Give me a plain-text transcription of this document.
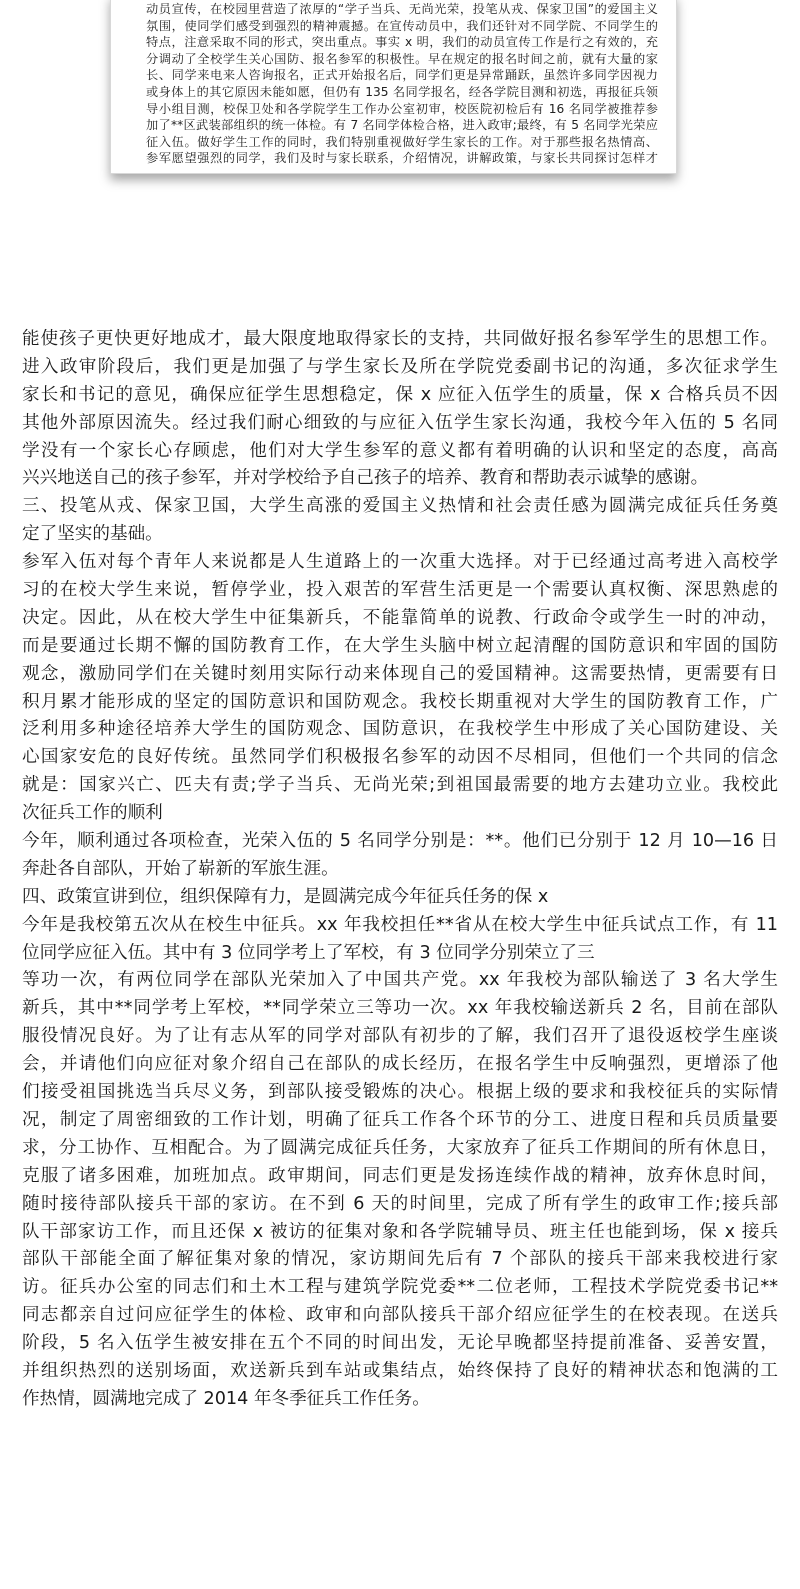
动员宣传，在校园里营造了浓厚的“学子当兵、无尚光荣，投笔从戎、保家卫国”的爱国主义
氛围，使同学们感受到强烈的精神震撼。在宣传动员中，我们还针对不同学院、不同学生的
特点，注意采取不同的形式，突出重点。事实 x 明，我们的动员宣传工作是行之有效的，充
分调动了全校学生关心国防、报名参军的积极性。早在规定的报名时间之前，就有大量的家
长、同学来电来人咨询报名，正式开始报名后，同学们更是异常踊跃，虽然许多同学因视力
或身体上的其它原因未能如愿，但仍有 135 名同学报名，经各学院目测和初选，再报征兵领
导小组目测，校保卫处和各学院学生工作办公室初审，校医院初检后有 16 名同学被推荐参
加了**区武装部组织的统一体检。有 7 名同学体检合格，进入政审;最终，有 5 名同学光荣应
征入伍。做好学生工作的同时，我们特别重视做好学生家长的工作。对于那些报名热情高、
参军愿望强烈的同学，我们及时与家长联系，介绍情况，讲解政策，与家长共同探讨怎样才
能使孩子更快更好地成才，最大限度地取得家长的支持，共同做好报名参军学生的思想工作。
进入政审阶段后，我们更是加强了与学生家长及所在学院党委副书记的沟通，多次征求学生
家长和书记的意见，确保应征学生思想稳定，保 x 应征入伍学生的质量，保 x 合格兵员不因
其他外部原因流失。经过我们耐心细致的与应征入伍学生家长沟通，我校今年入伍的 5 名同
学没有一个家长心存顾虑，他们对大学生参军的意义都有着明确的认识和坚定的态度，高高
兴兴地送自己的孩子参军，并对学校给予自己孩子的培养、教育和帮助表示诚挚的感谢。
三、投笔从戎、保家卫国，大学生高涨的爱国主义热情和社会责任感为圆满完成征兵任务奠
定了坚实的基础。
参军入伍对每个青年人来说都是人生道路上的一次重大选择。对于已经通过高考进入高校学
习的在校大学生来说，暂停学业，投入艰苦的军营生活更是一个需要认真权衡、深思熟虑的
决定。因此，从在校大学生中征集新兵，不能靠简单的说教、行政命令或学生一时的冲动，
而是要通过长期不懈的国防教育工作，在大学生头脑中树立起清醒的国防意识和牢固的国防
观念，激励同学们在关键时刻用实际行动来体现自己的爱国精神。这需要热情，更需要有日
积月累才能形成的坚定的国防意识和国防观念。我校长期重视对大学生的国防教育工作，广
泛利用多种途径培养大学生的国防观念、国防意识，在我校学生中形成了关心国防建设、关
心国家安危的良好传统。虽然同学们积极报名参军的动因不尽相同，但他们一个共同的信念
就是：国家兴亡、匹夫有责;学子当兵、无尚光荣;到祖国最需要的地方去建功立业。我校此
次征兵工作的顺利
今年，顺利通过各项检查，光荣入伍的 5 名同学分别是：**。他们已分别于 12 月 10—16 日
奔赴各自部队，开始了崭新的军旅生涯。
四、政策宣讲到位，组织保障有力，是圆满完成今年征兵任务的保 x
今年是我校第五次从在校生中征兵。xx 年我校担任**省从在校大学生中征兵试点工作，有 11
位同学应征入伍。其中有 3 位同学考上了军校，有 3 位同学分别荣立了三
等功一次，有两位同学在部队光荣加入了中国共产党。xx 年我校为部队输送了 3 名大学生
新兵，其中**同学考上军校，**同学荣立三等功一次。xx 年我校输送新兵 2 名，目前在部队
服役情况良好。为了让有志从军的同学对部队有初步的了解，我们召开了退役返校学生座谈
会，并请他们向应征对象介绍自己在部队的成长经历，在报名学生中反响强烈，更增添了他
们接受祖国挑选当兵尽义务，到部队接受锻炼的决心。根据上级的要求和我校征兵的实际情
况，制定了周密细致的工作计划，明确了征兵工作各个环节的分工、进度日程和兵员质量要
求，分工协作、互相配合。为了圆满完成征兵任务，大家放弃了征兵工作期间的所有休息日，
克服了诸多困难，加班加点。政审期间，同志们更是发扬连续作战的精神，放弃休息时间，
随时接待部队接兵干部的家访。在不到 6 天的时间里，完成了所有学生的政审工作;接兵部
队干部家访工作，而且还保 x 被访的征集对象和各学院辅导员、班主任也能到场，保 x 接兵
部队干部能全面了解征集对象的情况，家访期间先后有 7 个部队的接兵干部来我校进行家
访。征兵办公室的同志们和土木工程与建筑学院党委**二位老师，工程技术学院党委书记**
同志都亲自过问应征学生的体检、政审和向部队接兵干部介绍应征学生的在校表现。在送兵
阶段，5 名入伍学生被安排在五个不同的时间出发，无论早晚都坚持提前准备、妥善安置，
并组织热烈的送别场面，欢送新兵到车站或集结点，始终保持了良好的精神状态和饱满的工
作热情，圆满地完成了 2014 年冬季征兵工作任务。
